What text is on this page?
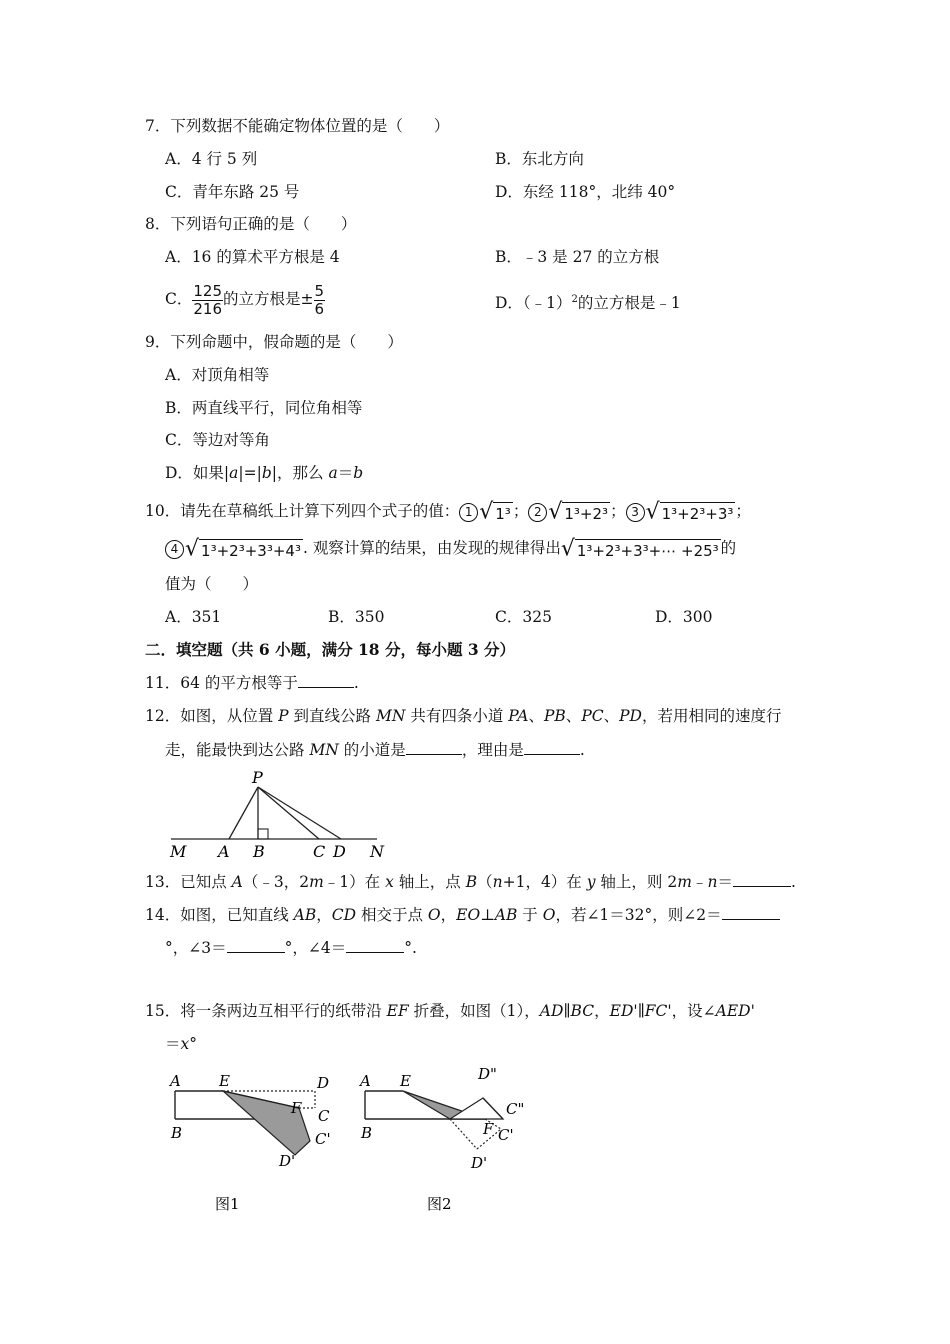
7．下列数据不能确定物体位置的是（　　）
A．4 行 5 列	B．东北方向
C．青年东路 25 号	D．东经 118°，北纬 40°
8．下列语句正确的是（　　）
A．16 的算术平方根是 4	B．﹣3 是 27 的立方根
C． $\frac{125}{216}$ 的立方根是± $\frac{5}{6}$	D．（﹣1）$^2$的立方根是﹣1
9．下列命题中，假命题的是（　　）
A．对顶角相等
B．两直线平行，同位角相等
C．等边对等角
D．如果|a|=|b|，那么 a＝b
10．请先在草稿纸上计算下列四个式子的值： 1 √ 1³ ； 2 √ 1³+2³ ； 3 √ 1³+2³+3³ ；
4 √ 1³+2³+3³+4³ . 观察计算的结果，由发现的规律得出√ 1³+2³+3³+⋯ +25³ 的
值为（　　）
A．351	B．350	C．325	D．300
二．填空题（共 6 小题，满分 18 分，每小题 3 分）
11．64 的平方根等于	.
12．如图，从位置 P 到直线公路 MN 共有四条小道 PA、PB、PC、PD，若用相同的速度行
走，能最快到达公路 MN 的小道是	，理由是	.
P
M A B	C D N
13．已知点 A（﹣3，2m﹣1）在 x 轴上，点 B（n+1，4）在 y 轴上，则 2m﹣n＝	.
14．如图，已知直线 AB，CD 相交于点 O，EO⊥AB 于 O，若∠1＝32°，则∠2＝
°，∠3＝	°，∠4＝	°.
15．将一条两边互相平行的纸带沿 EF 折叠，如图（1），AD∥BC，ED'∥FC'，设∠AED'
＝x°
A	E	D
F C
C'
B
D'
图1
A E	D"
C"
F C'
B
D'
图2
